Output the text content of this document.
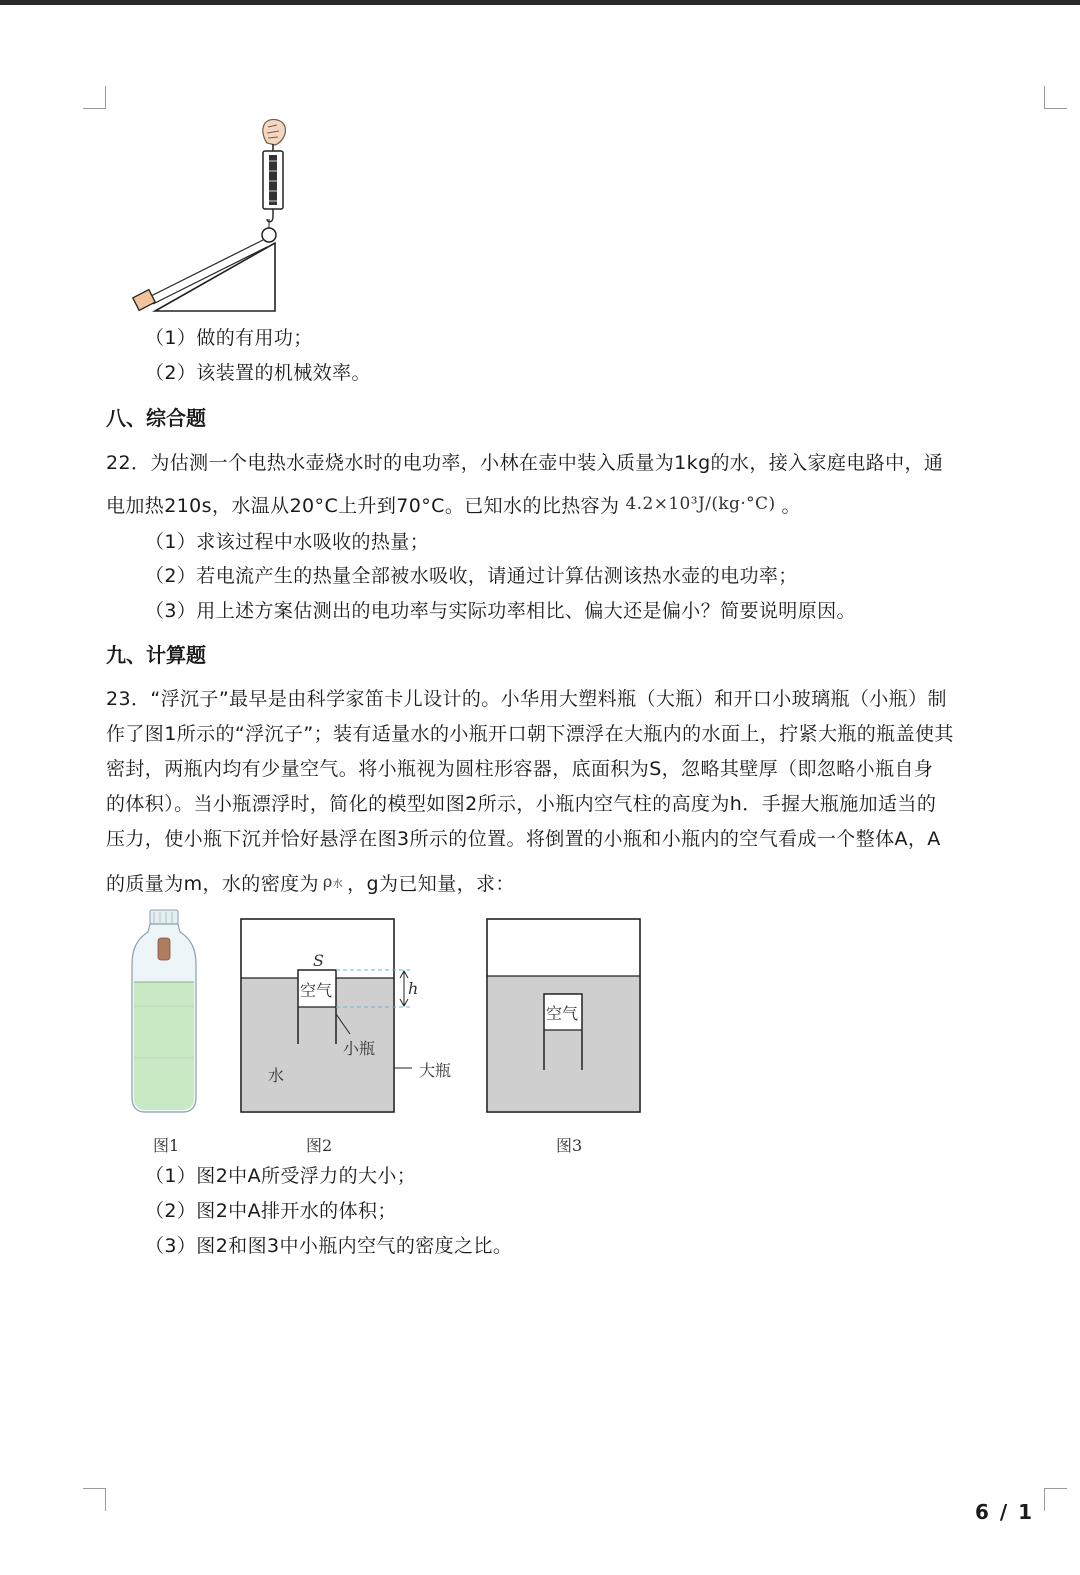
（1）做的有用功；
（2）该装置的机械效率。
八、综合题
22．为估测一个电热水壶烧水时的电功率，小林在壶中装入质量为1kg的水，接入家庭电路中，通
电加热210s，水温从20°C上升到70°C。已知水的比热容为 4.2×10³J/(kg·°C) 。
（1）求该过程中水吸收的热量；
（2）若电流产生的热量全部被水吸收，请通过计算估测该热水壶的电功率；
（3）用上述方案估测出的电功率与实际功率相比、偏大还是偏小？简要说明原因。
九、计算题
23．“浮沉子”最早是由科学家笛卡儿设计的。小华用大塑料瓶（大瓶）和开口小玻璃瓶（小瓶）制
作了图1所示的“浮沉子”；装有适量水的小瓶开口朝下漂浮在大瓶内的水面上，拧紧大瓶的瓶盖使其
密封，两瓶内均有少量空气。将小瓶视为圆柱形容器，底面积为S，忽略其壁厚（即忽略小瓶自身
的体积）。当小瓶漂浮时，简化的模型如图2所示，小瓶内空气柱的高度为h．手握大瓶施加适当的
压力，使小瓶下沉并恰好悬浮在图3所示的位置。将倒置的小瓶和小瓶内的空气看成一个整体A，A
的质量为m，水的密度为 ρ水 ，g为已知量，求：
图1
S
空气	h
小瓶
水	大瓶
图2
空气
图3
（1）图2中A所受浮力的大小；
（2）图2中A排开水的体积；
（3）图2和图3中小瓶内空气的密度之比。
6 / 1
